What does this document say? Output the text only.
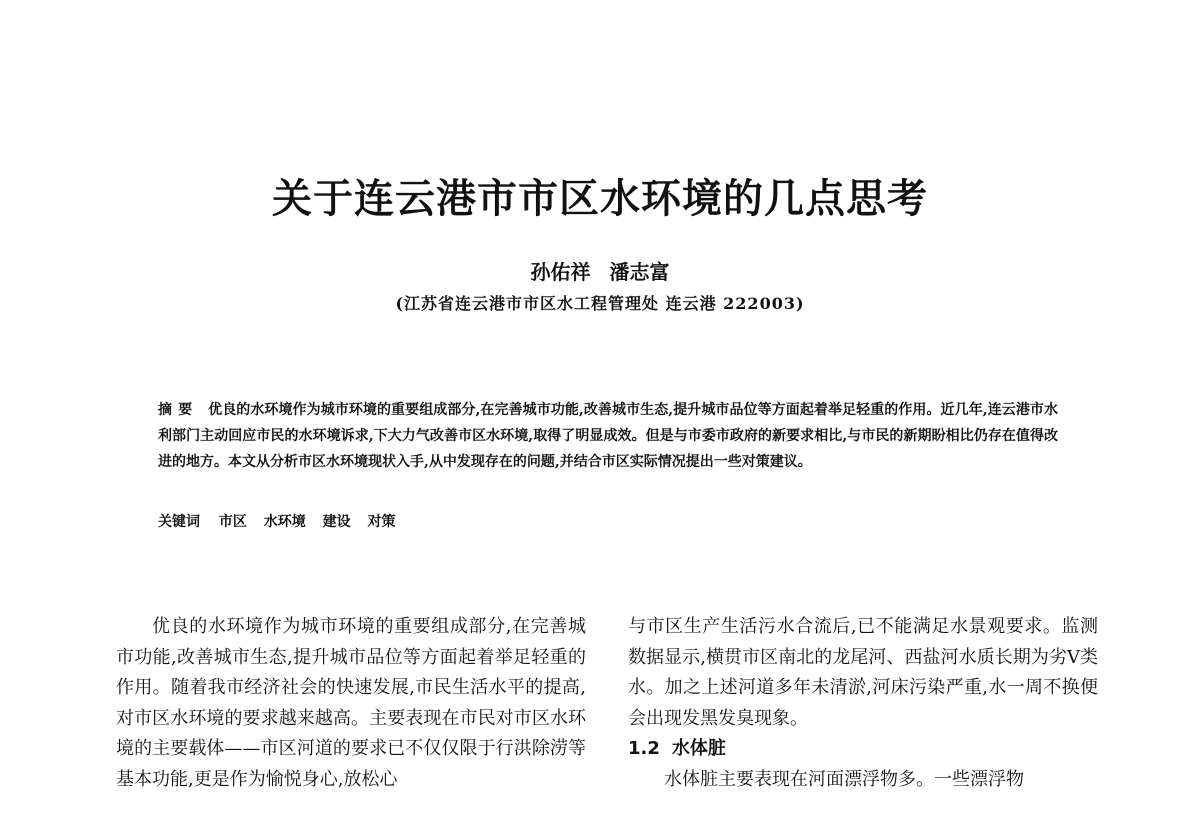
关于连云港市市区水环境的几点思考
孙佑祥 潘志富
(江苏省连云港市市区水工程管理处 连云港 222003)
摘要 优良的水环境作为城市环境的重要组成部分,在完善城市功能,改善城市生态,提升城市品位等方面起着举足轻重的作用。近几年,连云港市水利部门主动回应市民的水环境诉求,下大力气改善市区水环境,取得了明显成效。但是与市委市政府的新要求相比,与市民的新期盼相比仍存在值得改进的地方。本文从分析市区水环境现状入手,从中发现存在的问题,并结合市区实际情况提出一些对策建议。
关键词 市区 水环境 建设 对策

优良的水环境作为城市环境的重要组成部分,在完善城市功能,改善城市生态,提升城市品位等方面起着举足轻重的作用。随着我市经济社会的快速发展,市民生活水平的提高,对市区水环境的要求越来越高。主要表现在市民对市区水环境的主要载体——市区河道的要求已不仅仅限于行洪除涝等基本功能,更是作为愉悦身心,放松心

与市区生产生活污水合流后,已不能满足水景观要求。监测数据显示,横贯市区南北的龙尾河、西盐河水质长期为劣V类水。加之上述河道多年未清淤,河床污染严重,水一周不换便会出现发黑发臭现象。

1.2 水体脏

水体脏主要表现在河面漂浮物多。一些漂浮物
